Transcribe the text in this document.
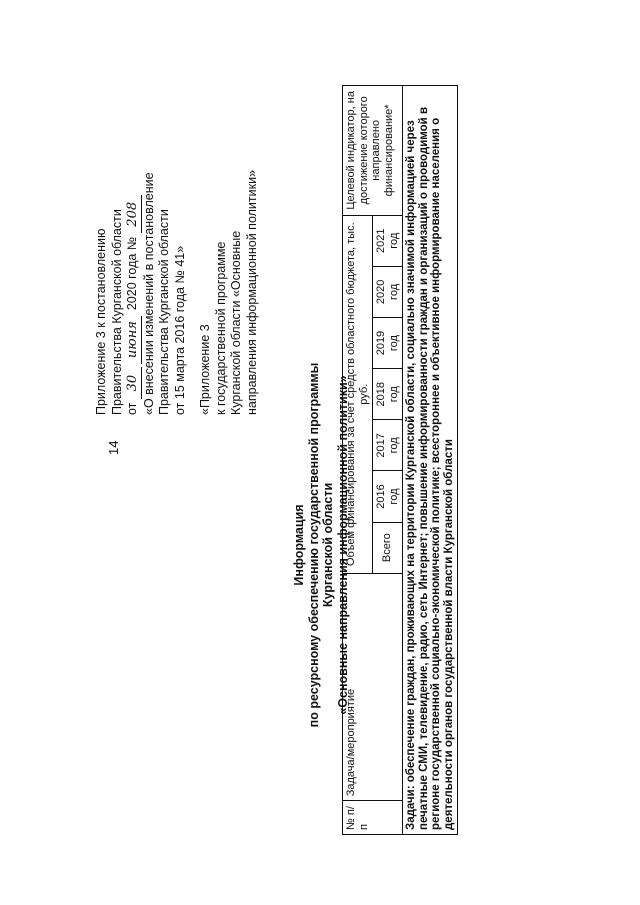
14
Приложение 3 к постановлению Правительства Курганской области от 30 июня 2020 года № 208 «О внесении изменений в постановление Правительства Курганской области от 15 марта 2016 года № 41» «Приложение 3 к государственной программе Курганской области «Основные направления информационной политики»
Информация по ресурсному обеспечению государственной программы Курганской области «Основные направления информационной политики»
№ п/п	Задача/мероприятие	Объем финансирования за счет средств областного бюджета, тыс. руб.							Целевой индикатор, на достижение которого направлено финансирование*
		Всего	2016 год	2017 год	2018 год	2019 год	2020 год	2021 год	
Задачи: обеспечение граждан, проживающих на территории Курганской области, социально значимой информацией через печатные СМИ, телевидение, радио, сеть Интернет; повышение информированности граждан и организаций о проводимой в регионе государственной социально-экономической политике; всестороннее и объективное информирование населения о деятельности органов государственной власти Курганской области									
